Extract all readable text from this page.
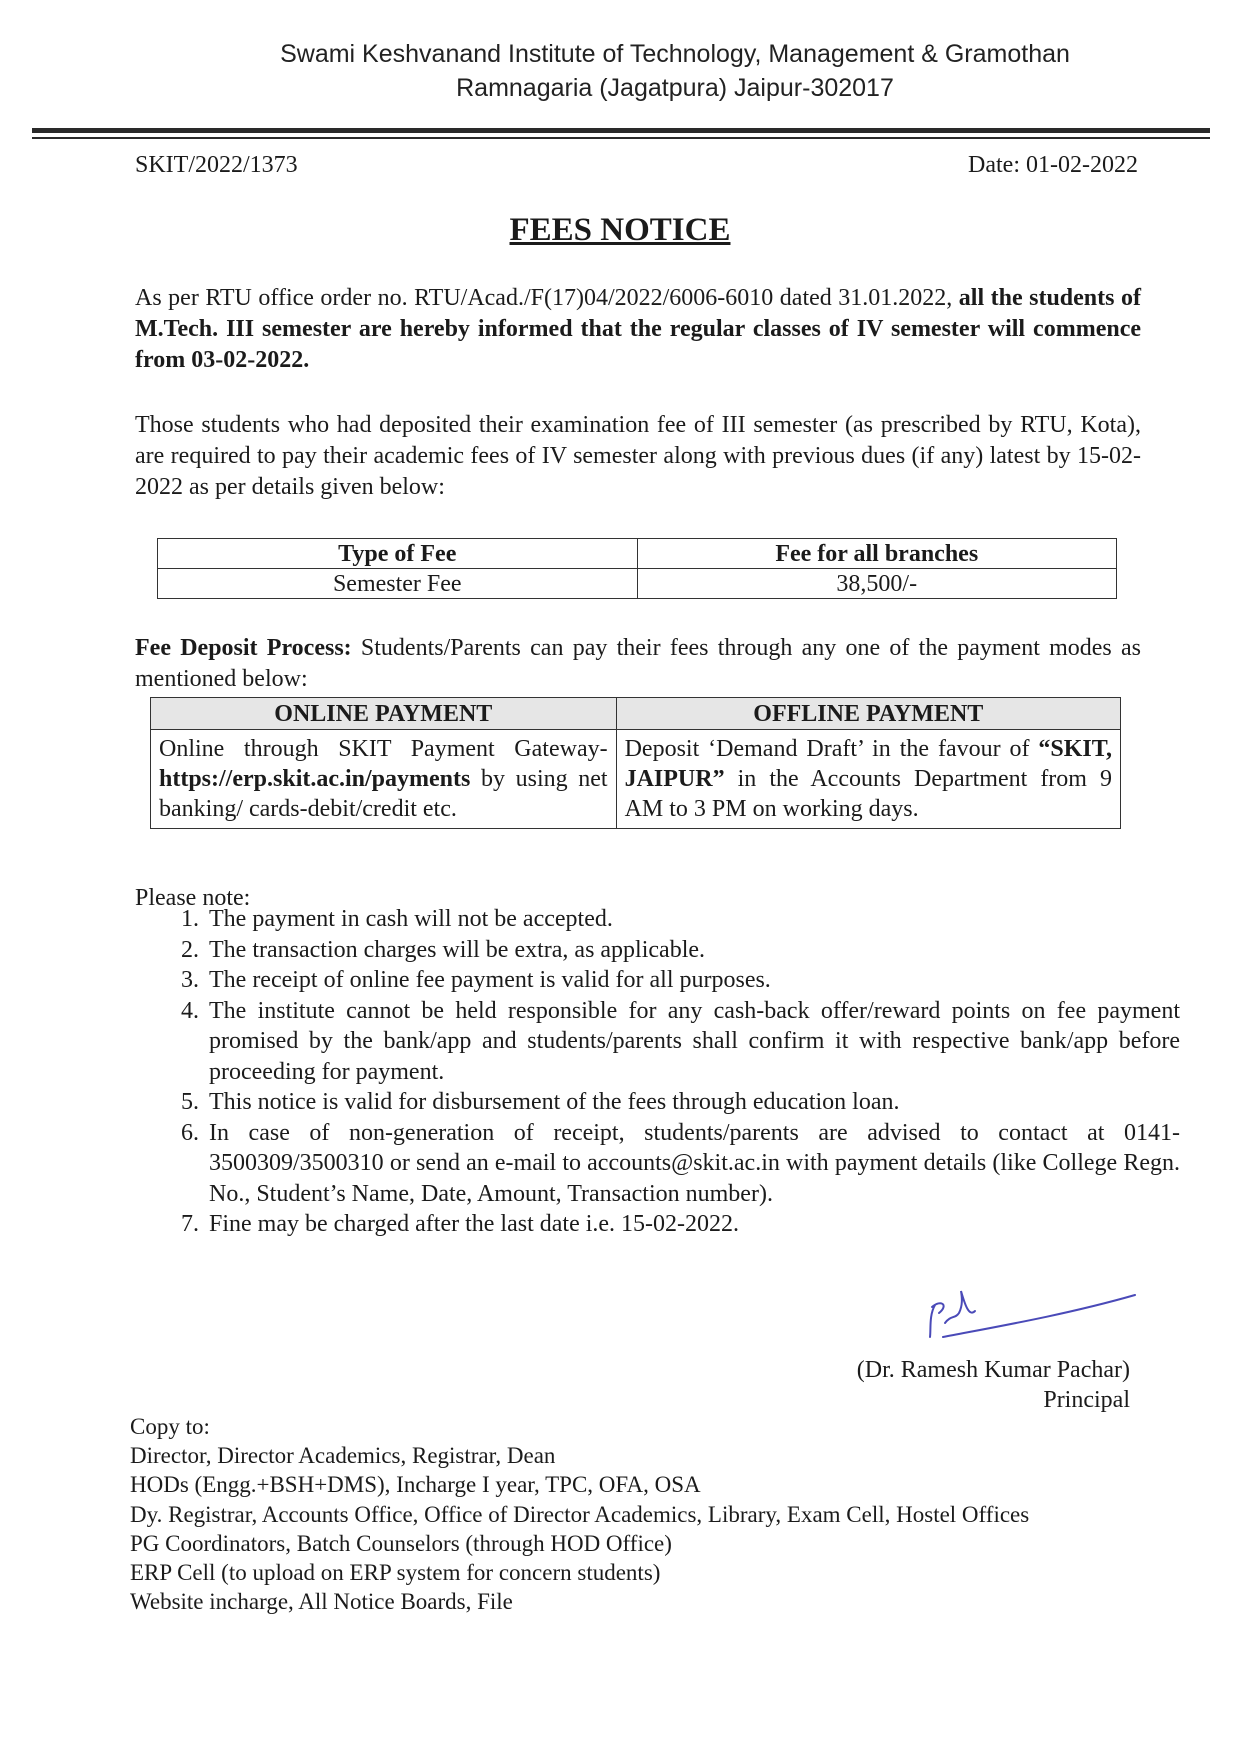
Swami Keshvanand Institute of Technology, Management & Gramothan
Ramnagaria (Jagatpura) Jaipur-302017
SKIT/2022/1373	Date: 01-02-2022
FEES NOTICE
As per RTU office order no. RTU/Acad./F(17)04/2022/6006-6010 dated 31.01.2022, all the students of M.Tech. III semester are hereby informed that the regular classes of IV semester will commence from 03-02-2022.
Those students who had deposited their examination fee of III semester (as prescribed by RTU, Kota), are required to pay their academic fees of IV semester along with previous dues (if any) latest by 15-02-2022 as per details given below:
Type of Fee	Fee for all branches
Semester Fee	38,500/-
Fee Deposit Process: Students/Parents can pay their fees through any one of the payment modes as mentioned below:
ONLINE PAYMENT	OFFLINE PAYMENT
Online through SKIT Payment Gateway- https://erp.skit.ac.in/payments by using net banking/ cards-debit/credit etc.	Deposit ‘Demand Draft’ in the favour of “SKIT, JAIPUR” in the Accounts Department from 9 AM to 3 PM on working days.
Please note:
1. The payment in cash will not be accepted.
2. The transaction charges will be extra, as applicable.
3. The receipt of online fee payment is valid for all purposes.
4. The institute cannot be held responsible for any cash-back offer/reward points on fee payment promised by the bank/app and students/parents shall confirm it with respective bank/app before proceeding for payment.
5. This notice is valid for disbursement of the fees through education loan.
6. In case of non-generation of receipt, students/parents are advised to contact at 0141-3500309/3500310 or send an e-mail to accounts@skit.ac.in with payment details (like College Regn. No., Student’s Name, Date, Amount, Transaction number).
7. Fine may be charged after the last date i.e. 15-02-2022.
(Dr. Ramesh Kumar Pachar)
Principal
Copy to:
Director, Director Academics, Registrar, Dean
HODs (Engg.+BSH+DMS), Incharge I year, TPC, OFA, OSA
Dy. Registrar, Accounts Office, Office of Director Academics, Library, Exam Cell, Hostel Offices
PG Coordinators, Batch Counselors (through HOD Office)
ERP Cell (to upload on ERP system for concern students)
Website incharge, All Notice Boards, File
